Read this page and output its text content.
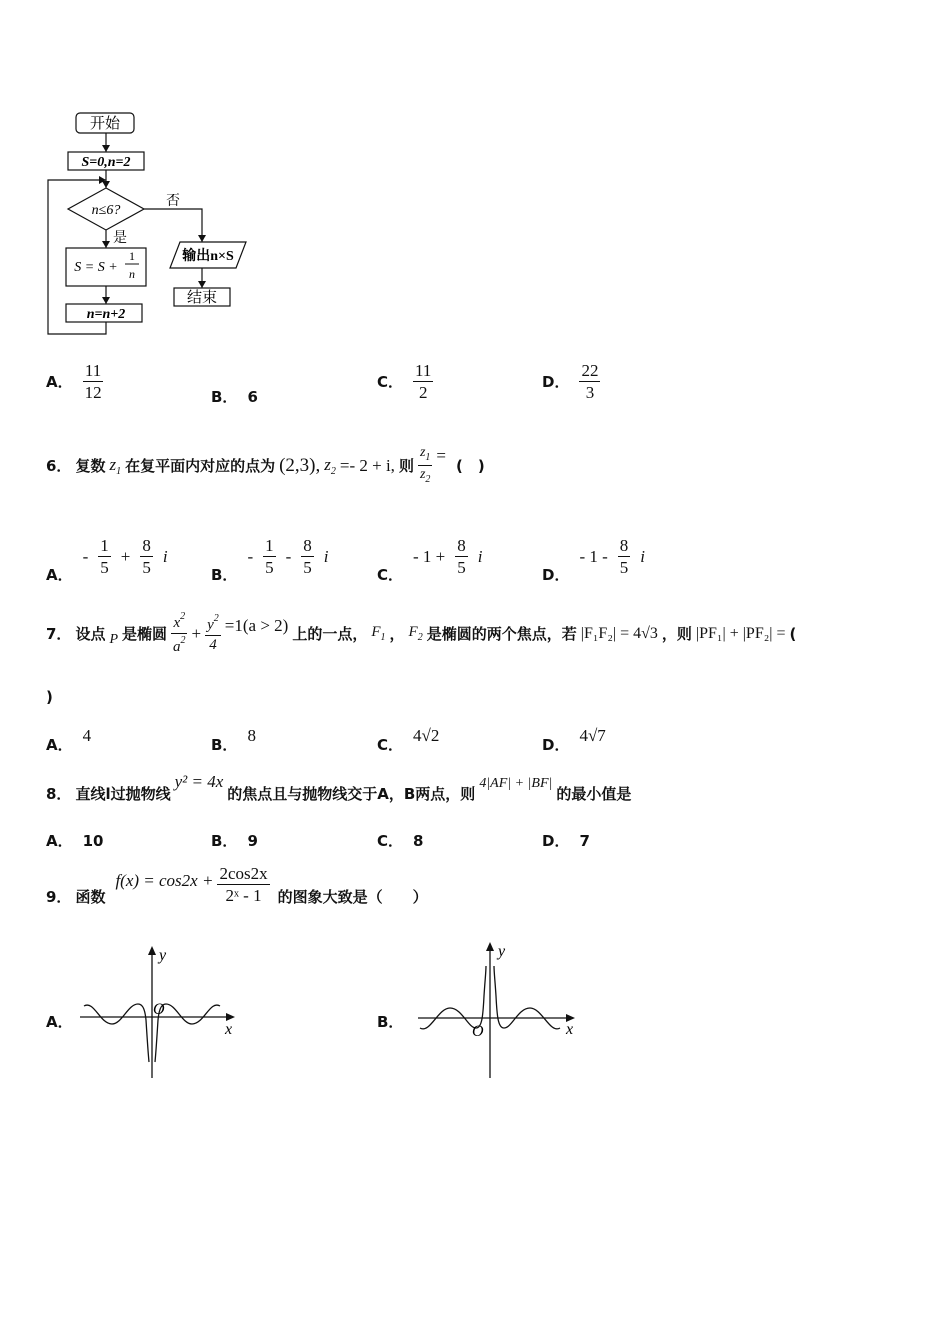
开始
S=0,n=2
n≤6?
否
是
S = S +
1
n
输出n×S
n=n+2
结束
A． $\frac{11}{12}$	B． 6
C． $\frac{11}{2}$	D． $\frac{22}{3}$
6． 复数 $z_1$ 在复平面内对应的点为 (2,3), $z_2 =- 2 + i$, 则 $\frac{z_1}{z_2}$ =
(　)
A．
- $\frac{1}{5} + \frac{8}{5}$ i
B．
- $\frac{1}{5} - \frac{8}{5}$ i
C．
- $1 + \frac{8}{5}$ i
D．
- $1 - \frac{8}{5}$ i
7． 设点 P 是椭圆 $\frac{x^2}{a^2} + \frac{y^2}{4} =1(a > 2)$ 上的一点， $F_1$ ， $F_2$ 是椭圆的两个焦点，若 |F₁F₂| = 4√3 ，则 |PF₁| + |PF₂| = (
)
A．
4
B．
8
C．
4√2
D．
4√7
8． 直线l过抛物线
y² = 4x
的焦点且与抛物线交于A，B两点，则
4|AF| + |BF|
的最小值是
A． 10	B． 9	C． 8	D． 7
9． 函数
$f(x) = \cos 2x + \frac{2\cos 2x}{\text{2ˣ - 1}}$ 的图象大致是（　　）
A．
y
x
O
B．
y
x
O
